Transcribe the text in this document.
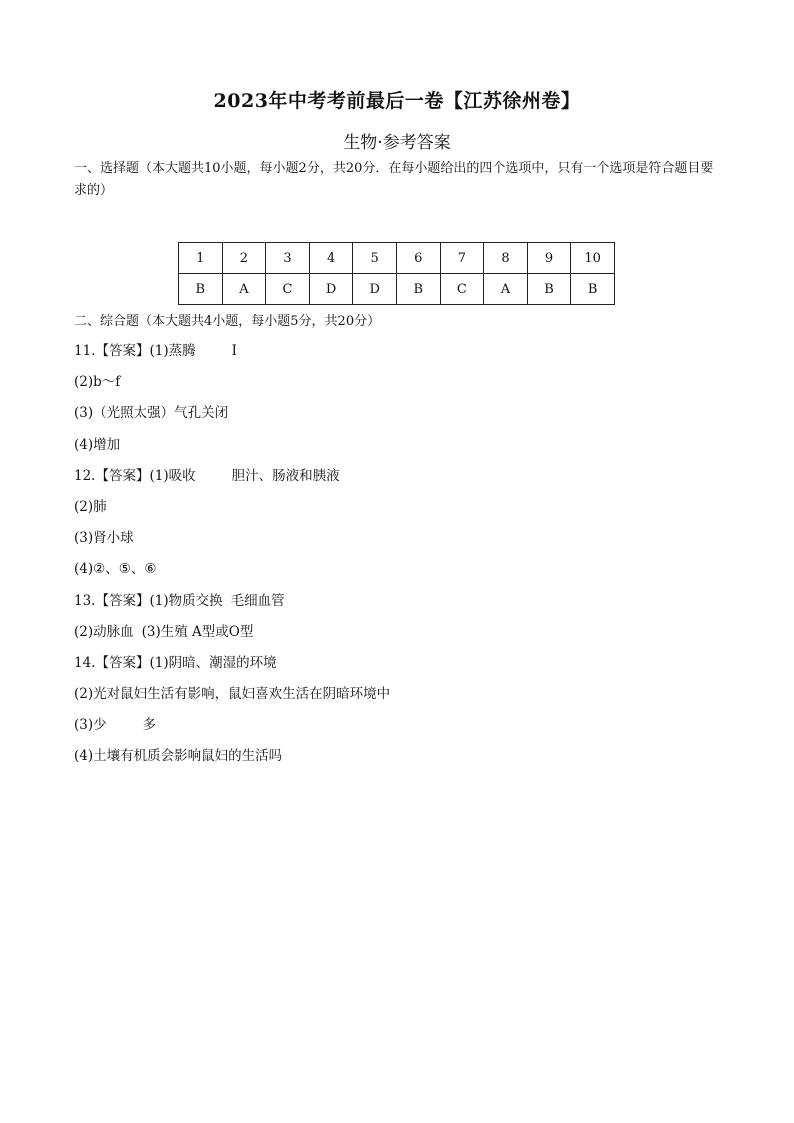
2023年中考考前最后一卷【江苏徐州卷】
生物·参考答案
一、选择题（本大题共10小题，每小题2分，共20分．在每小题给出的四个选项中，只有一个选项是符合题目要求的）
1	2	3	4	5	6	7	8	9	10
B	A	C	D	D	B	C	A	B	B
二、综合题（本大题共4小题，每小题5分，共20分）
11.【答案】(1)蒸腾	I
(2)b～f
(3)（光照太强）气孔关闭
(4)增加
12.【答案】(1)吸收	胆汁、肠液和胰液
(2)肺
(3)肾小球
(4)②、⑤、⑥
13.【答案】(1)物质交换 毛细血管
(2)动脉血 (3)生殖 A型或O型
14.【答案】(1)阴暗、潮湿的环境
(2)光对鼠妇生活有影响，鼠妇喜欢生活在阴暗环境中
(3)少	多
(4)土壤有机质会影响鼠妇的生活吗
